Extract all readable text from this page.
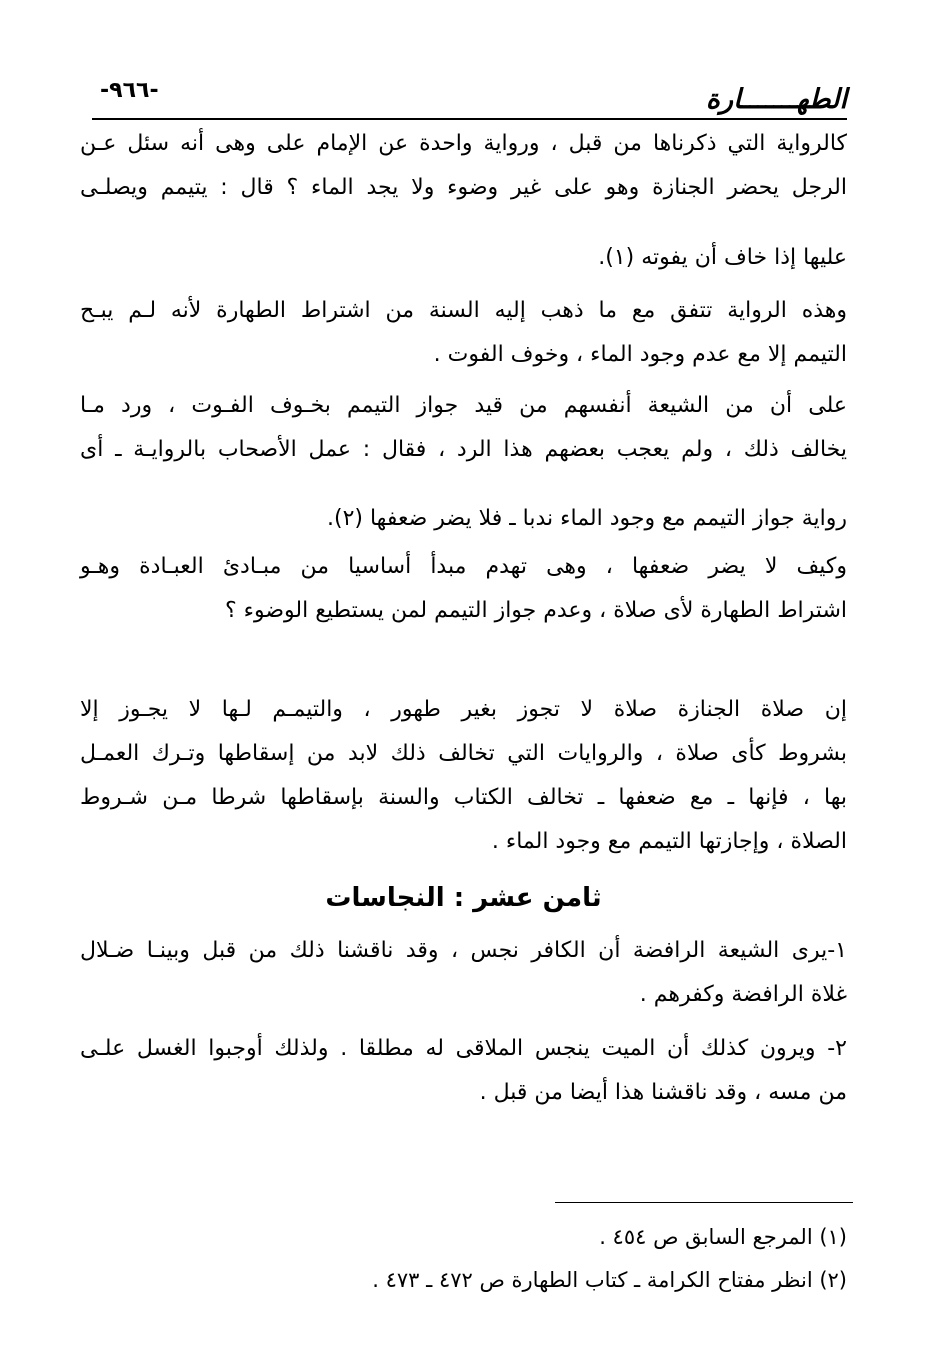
-٩٦٦-	الطهـــــــارة

كالرواية التي ذكرناها من قبل ، ورواية واحدة عن الإمام على وهى أنه سئل عـن

الرجل يحضر الجنازة وهو على غير وضوء ولا يجد الماء ؟ قال : يتيمم ويصلـى

عليها إذا خاف أن يفوته (١).

وهذه الرواية تتفق مع ما ذهب إليه السنة من اشتراط الطهارة لأنه لـم يبـح

التيمم إلا مع عدم وجود الماء ، وخوف الفوت .

على أن من الشيعة أنفسهم من قيد جواز التيمم بخـوف الفـوت ، ورد مـا

يخالف ذلك ، ولم يعجب بعضهم هذا الرد ، فقال : عمل الأصحاب بالروايـة ـ أى

رواية جواز التيمم مع وجود الماء ندبا ـ فلا يضر ضعفها (٢).

وكيف لا يضر ضعفها ، وهى تهدم مبدأ أساسيا من مبـادئ العبـادة وهـو

اشتراط الطهارة لأى صلاة ، وعدم جواز التيمم لمن يستطيع الوضوء ؟

إن صلاة الجنازة صلاة لا تجوز بغير طهور ، والتيمـم لـها لا يجـوز إلا

بشروط كأى صلاة ، والروايات التي تخالف ذلك لابد من إسقاطها وتـرك العمـل

بها ، فإنها ـ مع ضعفها ـ تخالف الكتاب والسنة بإسقاطها شرطا مـن شـروط

الصلاة ، وإجازتها التيمم مع وجود الماء .

ثامن عشر : النجاسات

١-يرى الشيعة الرافضة أن الكافر نجس ، وقد ناقشنا ذلك من قبل وبينـا ضـلال

غلاة الرافضة وكفرهم .

٢- ويرون كذلك أن الميت ينجس الملاقى له مطلقا . ولذلك أوجبوا الغسل علـى

من مسه ، وقد ناقشنا هذا أيضا من قبل .

(١) المرجع السابق ص ٤٥٤ .
(٢) انظر مفتاح الكرامة ـ كتاب الطهارة ص ٤٧٢ ـ ٤٧٣ .
